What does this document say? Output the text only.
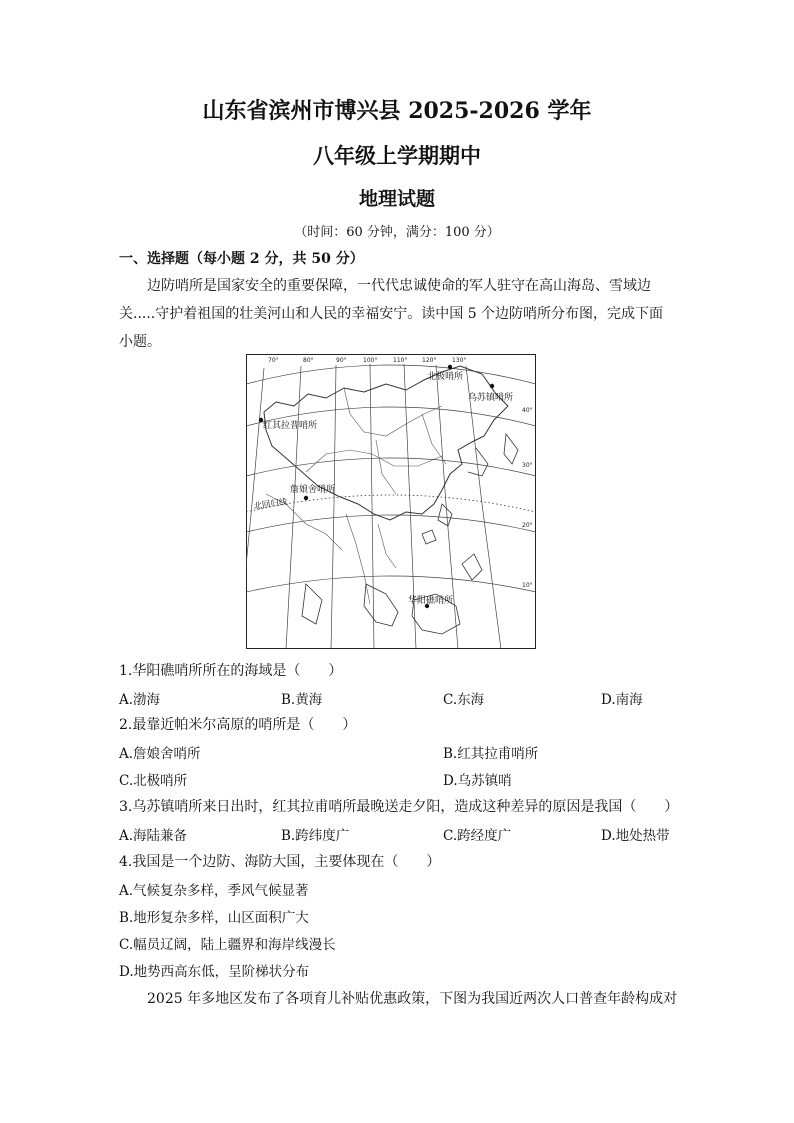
山东省滨州市博兴县 2025-2026 学年
八年级上学期期中
地理试题
（时间：60 分钟，满分：100 分）
一、选择题（每小题 2 分，共 50 分）
边防哨所是国家安全的重要保障，一代代忠诚使命的军人驻守在高山海岛、雪域边
关.....守护着祖国的壮美河山和人民的幸福安宁。读中国 5 个边防哨所分布图，完成下面
小题。
70°	80°	90°	100°	110° 120°	130°
40°
30°
20°
10°
北回归线
北极哨所
乌苏镇哨所
红其拉普哨所
詹娘舍哨所
华阳礁哨所
1.华阳礁哨所所在的海域是（　　）
A.渤海	B.黄海	C.东海	D.南海
2.最靠近帕米尔高原的哨所是（　　）
A.詹娘舍哨所	B.红其拉甫哨所
C.北极哨所	D.乌苏镇哨
3.乌苏镇哨所来日出时，红其拉甫哨所最晚送走夕阳，造成这种差异的原因是我国（　　）
A.海陆兼备	B.跨纬度广	C.跨经度广	D.地处热带
4.我国是一个边防、海防大国，主要体现在（　　）
A.气候复杂多样，季风气候显著
B.地形复杂多样，山区面积广大
C.幅员辽阔，陆上疆界和海岸线漫长
D.地势西高东低，呈阶梯状分布
2025 年多地区发布了各项育儿补贴优惠政策，下图为我国近两次人口普查年龄构成对
